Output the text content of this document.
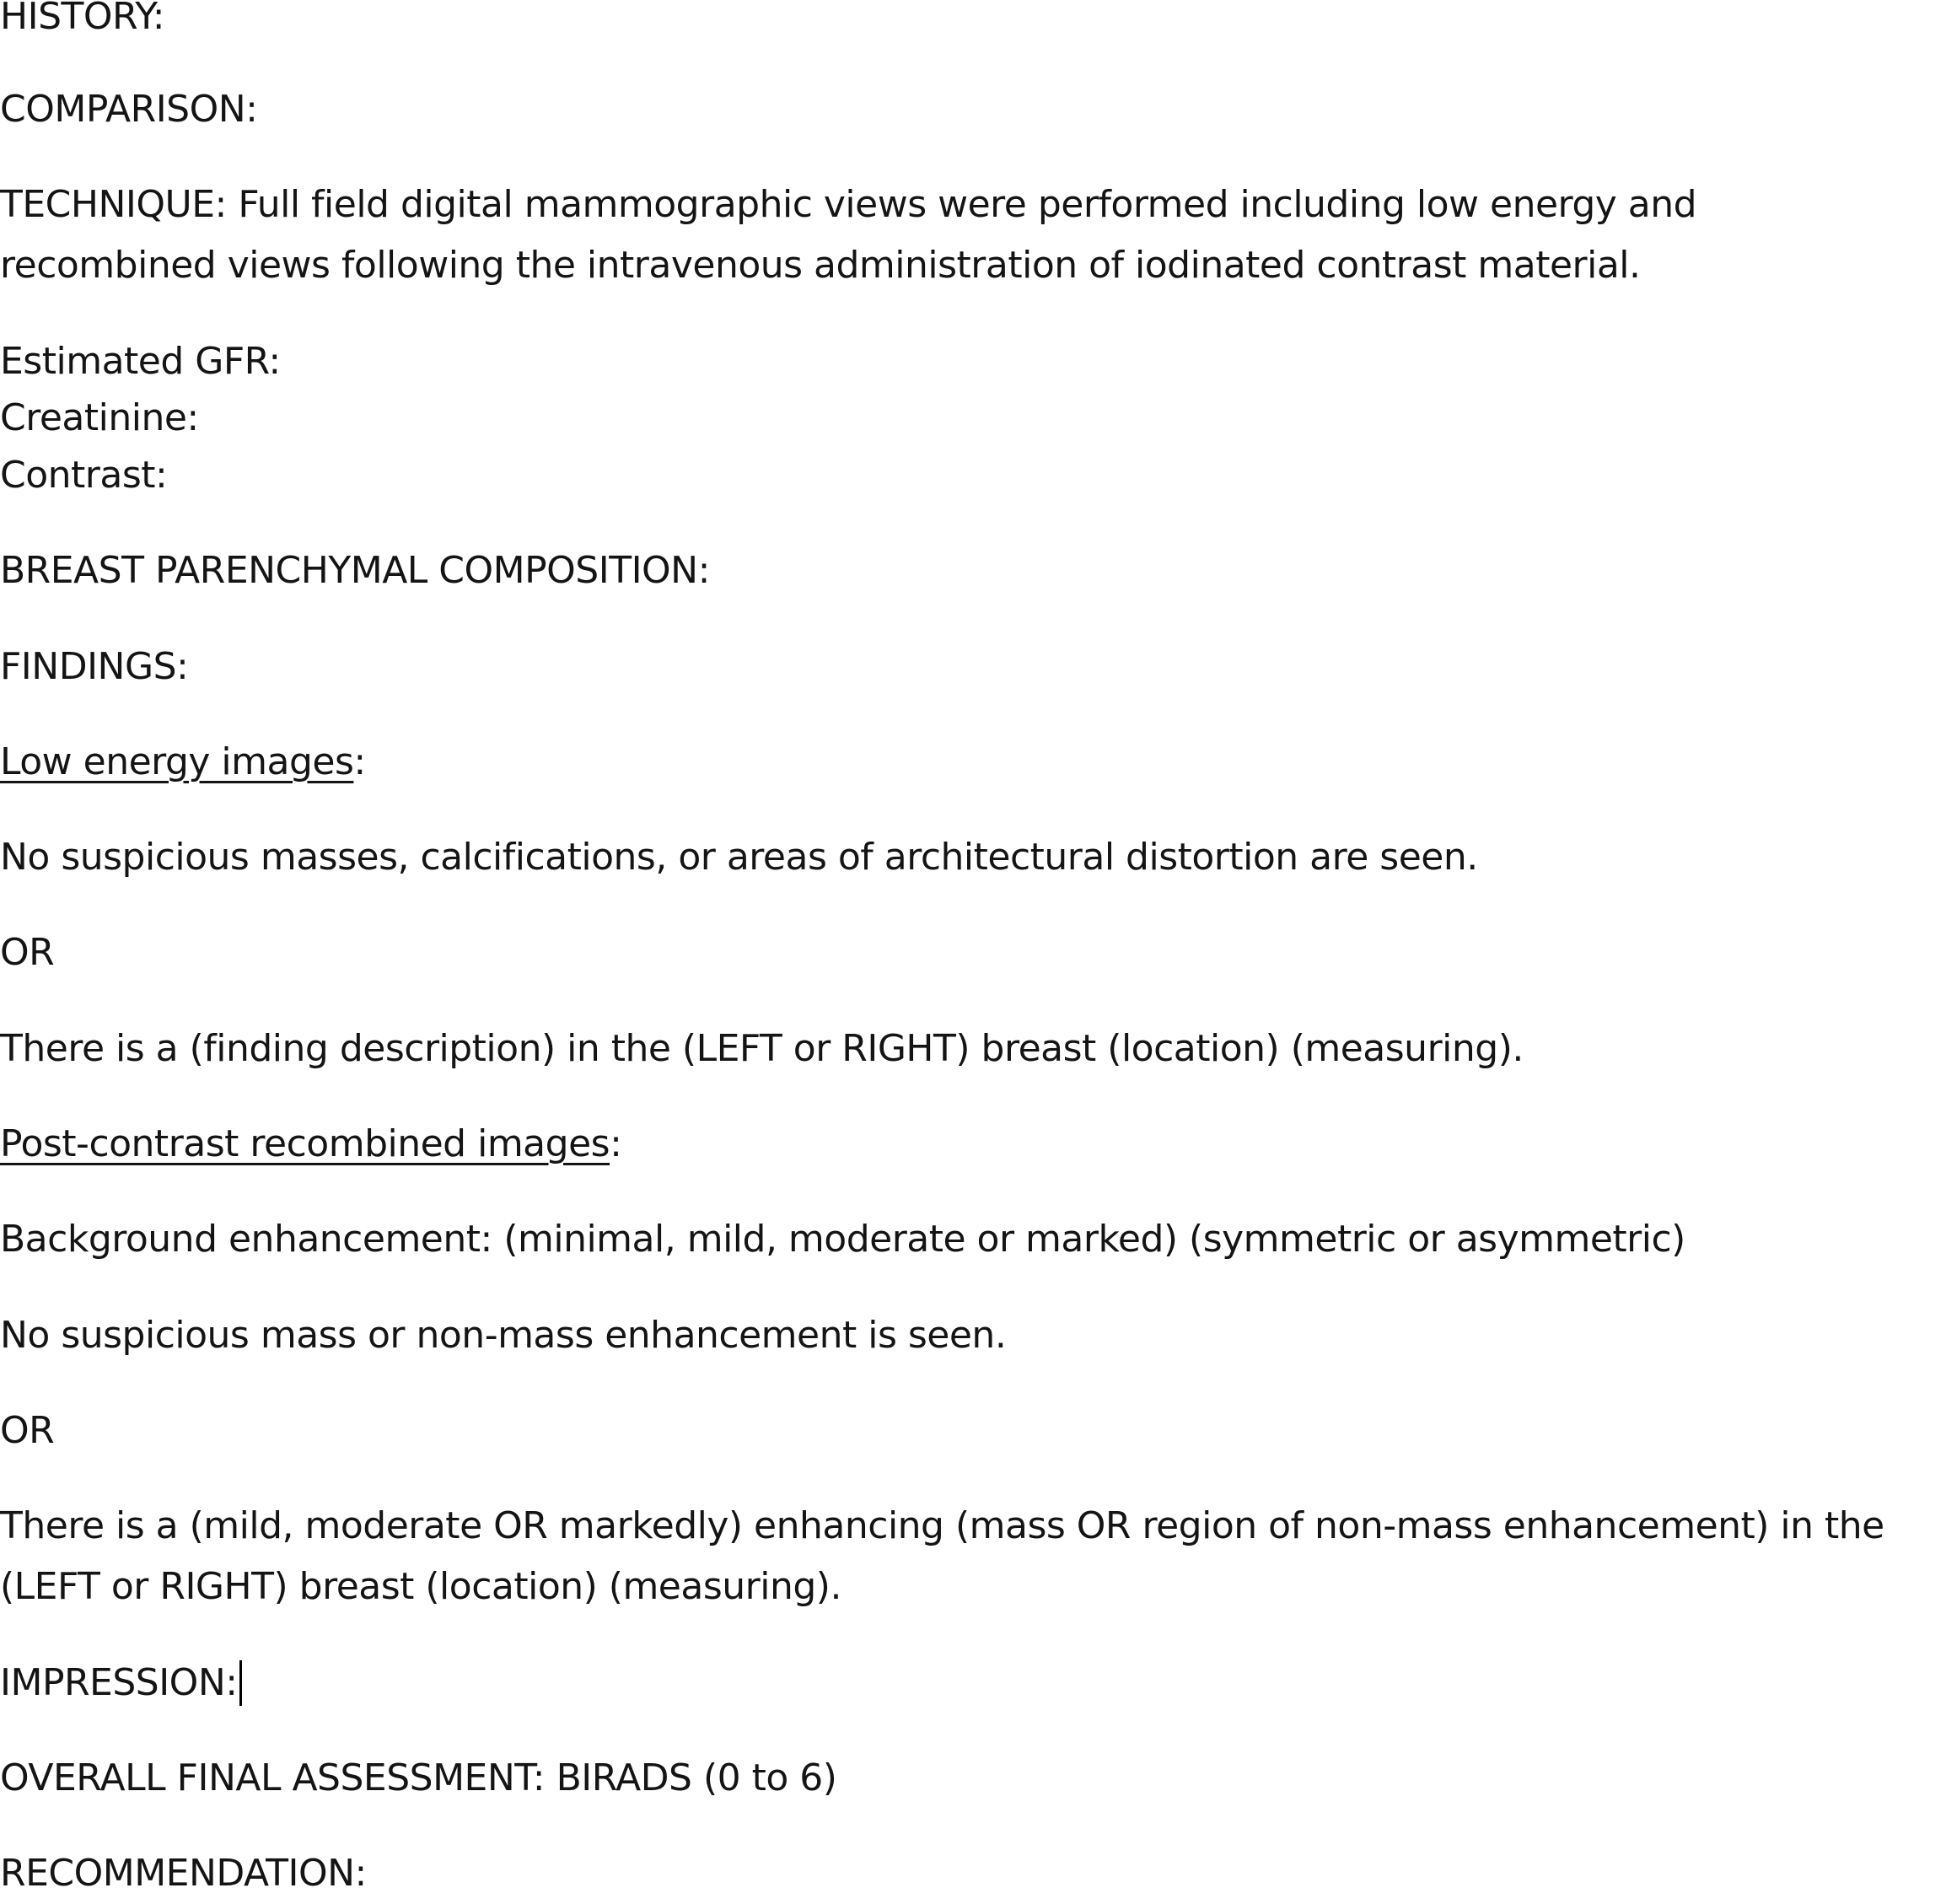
HISTORY:
COMPARISON:
TECHNIQUE: Full field digital mammographic views were performed including low energy and
recombined views following the intravenous administration of iodinated contrast material.
Estimated GFR:
Creatinine:
Contrast:
BREAST PARENCHYMAL COMPOSITION:
FINDINGS:
Low energy images:
No suspicious masses, calcifications, or areas of architectural distortion are seen.
OR
There is a (finding description) in the (LEFT or RIGHT) breast (location) (measuring).
Post-contrast recombined images:
Background enhancement: (minimal, mild, moderate or marked) (symmetric or asymmetric)
No suspicious mass or non-mass enhancement is seen.
OR
There is a (mild, moderate OR markedly) enhancing (mass OR region of non-mass enhancement) in the
(LEFT or RIGHT) breast (location) (measuring).
IMPRESSION:
OVERALL FINAL ASSESSMENT: BIRADS (0 to 6)
RECOMMENDATION:
